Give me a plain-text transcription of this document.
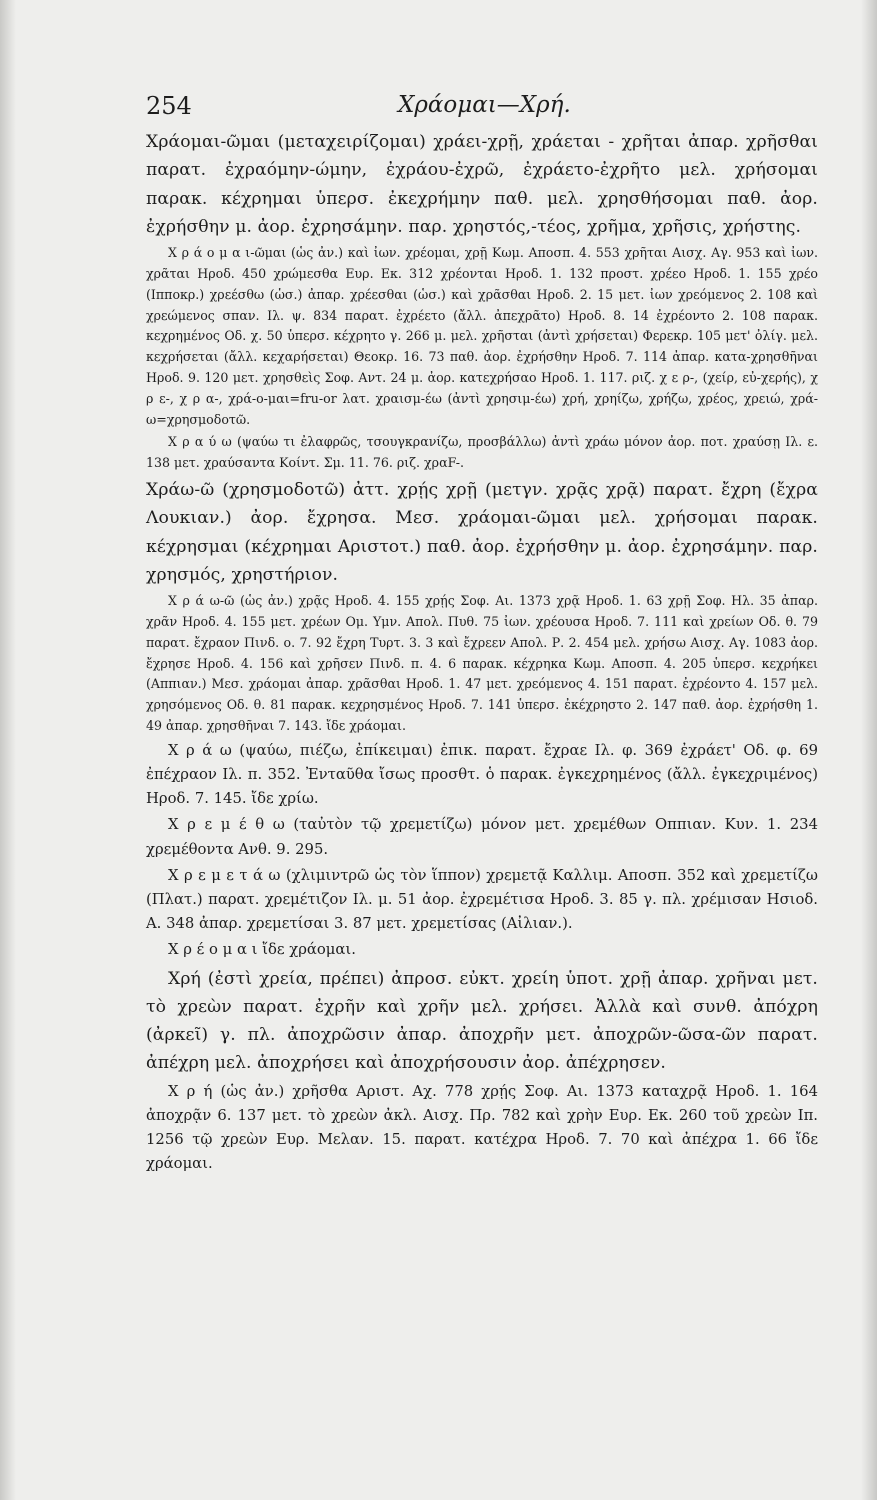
254	Χράομαι—Χρή.

Χράομαι-ῶμαι (μεταχειρίζομαι) χράει-χρῇ, χράεται - χρῆται ἀπαρ. χρῆσθαι παρατ. ἐχραόμην-ώμην, ἐχράου-ἐχρῶ, ἐχράετο-ἐχρῆτο μελ. χρήσομαι παρακ. κέχρημαι ὑπερσ. ἐκεχρήμην παθ. μελ. χρησθήσομαι παθ. ἀορ. ἐχρήσθην μ. ἀορ. ἐχρησάμην. παρ. χρηστός,-τέος, χρῆμα, χρῆσις, χρήστης.

Χ ρ ά ο μ α ι-ῶμαι (ὡς ἀν.) καὶ ἰων. χρέομαι, χρῇ Κωμ. Αποσπ. 4. 553 χρῆται Αισχ. Αγ. 953 καὶ ἰων. χρᾶται Ηροδ. 450 χρώμεσθα Ευρ. Εκ. 312 χρέονται Ηροδ. 1. 132 προστ. χρέεο Ηροδ. 1. 155 χρέο (Ιπποκρ.) χρεέσθω (ὡσ.) ἀπαρ. χρέεσθαι (ὡσ.) καὶ χρᾶσθαι Ηροδ. 2. 15 μετ. ἰων χρεόμενος 2. 108 καὶ χρεώμενος σπαν. Ιλ. ψ. 834 παρατ. ἐχρέετο (ἄλλ. ἀπεχρᾶτο) Ηροδ. 8. 14 ἐχρέοντο 2. 108 παρακ. κεχρημένος Οδ. χ. 50 ὑπερσ. κέχρητο γ. 266 μ. μελ. χρῆσται (ἀντὶ χρήσεται) Φερεκρ. 105 μετ' ὀλίγ. μελ. κεχρήσεται (ἄλλ. κεχαρήσεται) Θεοκρ. 16. 73 παθ. ἀορ. ἐχρήσθην Ηροδ. 7. 114 ἀπαρ. κατα-χρησθῆναι Ηροδ. 9. 120 μετ. χρησθεὶς Σοφ. Αντ. 24 μ. ἀορ. κατεχρήσαο Ηροδ. 1. 117. ριζ. χ ε ρ-, (χείρ, εὐ-χερής), χ ρ ε-, χ ρ α-, χρά-ο-μαι=fru-or λατ. χραισμ-έω (ἀντὶ χρησιμ-έω) χρή, χρηίζω, χρήζω, χρέος, χρειώ, χρά-ω=χρησμοδοτῶ.

Χ ρ α ύ ω (ψαύω τι ἐλαφρῶς, τσουγκρανίζω, προσβάλλω) ἀντὶ χράω μόνον ἀορ. ποτ. χραύσῃ Ιλ. ε. 138 μετ. χραύσαντα Κοίντ. Σμ. 11. 76. ριζ. χραF-.

Χράω-ῶ (χρησμοδοτῶ) ἀττ. χρῄς χρῇ (μετγν. χρᾷς χρᾷ) παρατ. ἔχρη (ἔχρα Λουκιαν.) ἀορ. ἔχρησα. Μεσ. χράομαι-ῶμαι μελ. χρήσομαι παρακ. κέχρησμαι (κέχρημαι Αριστοτ.) παθ. ἀορ. ἐχρήσθην μ. ἀορ. ἐχρησάμην. παρ. χρησμός, χρηστήριον.

Χ ρ ά ω-ῶ (ὡς ἀν.) χρᾷς Ηροδ. 4. 155 χρῄς Σοφ. Αι. 1373 χρᾷ Ηροδ. 1. 63 χρῇ Σοφ. Ηλ. 35 ἀπαρ. χρᾶν Ηροδ. 4. 155 μετ. χρέων Ομ. Υμν. Απολ. Πυθ. 75 ἰων. χρέουσα Ηροδ. 7. 111 καὶ χρείων Οδ. θ. 79 παρατ. ἔχραον Πινδ. ο. 7. 92 ἔχρη Τυρτ. 3. 3 καὶ ἔχρεεν Απολ. Ρ. 2. 454 μελ. χρήσω Αισχ. Αγ. 1083 ἀορ. ἔχρησε Ηροδ. 4. 156 καὶ χρῆσεν Πινδ. π. 4. 6 παρακ. κέχρηκα Κωμ. Αποσπ. 4. 205 ὑπερσ. κεχρήκει (Αππιαν.) Μεσ. χράομαι ἀπαρ. χρᾶσθαι Ηροδ. 1. 47 μετ. χρεόμενος 4. 151 παρατ. ἐχρέοντο 4. 157 μελ. χρησόμενος Οδ. θ. 81 παρακ. κεχρησμένος Ηροδ. 7. 141 ὑπερσ. ἐκέχρηστο 2. 147 παθ. ἀορ. ἐχρήσθη 1. 49 ἀπαρ. χρησθῆναι 7. 143. ἴδε χράομαι.

Χ ρ ά ω (ψαύω, πιέζω, ἐπίκειμαι) ἐπικ. παρατ. ἔχραε Ιλ. φ. 369 ἐχράετ' Οδ. φ. 69 ἐπέχραον Ιλ. π. 352. Ἐνταῦθα ἴσως προσθτ. ὁ παρακ. ἐγκεχρημένος (ἄλλ. ἐγκεχριμένος) Ηροδ. 7. 145. ἴδε χρίω.

Χ ρ ε μ έ θ ω (ταὐτὸν τῷ χρεμετίζω) μόνον μετ. χρεμέθων Οππιαν. Κυν. 1. 234 χρεμέθοντα Ανθ. 9. 295.

Χ ρ ε μ ε τ ά ω (χλιμιντρῶ ὡς τὸν ἵππον) χρεμετᾷ Καλλιμ. Αποσπ. 352 καὶ χρεμετίζω (Πλατ.) παρατ. χρεμέτιζον Ιλ. μ. 51 ἀορ. ἐχρεμέτισα Ηροδ. 3. 85 γ. πλ. χρέμισαν Ησιοδ. Α. 348 ἀπαρ. χρεμετίσαι 3. 87 μετ. χρεμετίσας (Αἰλιαν.).

Χ ρ έ ο μ α ι ἴδε χράομαι.

Χρή (ἐστὶ χρεία, πρέπει) ἀπροσ. εὐκτ. χρείη ὑποτ. χρῇ ἀπαρ. χρῆναι μετ. τὸ χρεὼν παρατ. ἐχρῆν καὶ χρῆν μελ. χρήσει. Ἀλλὰ καὶ συνθ. ἀπόχρη (ἀρκεῖ) γ. πλ. ἀποχρῶσιν ἀπαρ. ἀποχρῆν μετ. ἀποχρῶν-ῶσα-ῶν παρατ. ἀπέχρη μελ. ἀποχρήσει καὶ ἀποχρήσουσιν ἀορ. ἀπέχρησεν.

Χ ρ ή (ὡς ἀν.) χρῆσθα Αριστ. Αχ. 778 χρῄς Σοφ. Αι. 1373 καταχρᾷ Ηροδ. 1. 164 ἀποχρᾷν 6. 137 μετ. τὸ χρεὼν ἀκλ. Αισχ. Πρ. 782 καὶ χρὴν Ευρ. Εκ. 260 τοῦ χρεὼν Ιπ. 1256 τῷ χρεὼν Ευρ. Μελαν. 15. παρατ. κατέχρα Ηροδ. 7. 70 καὶ ἀπέχρα 1. 66 ἴδε χράομαι.
